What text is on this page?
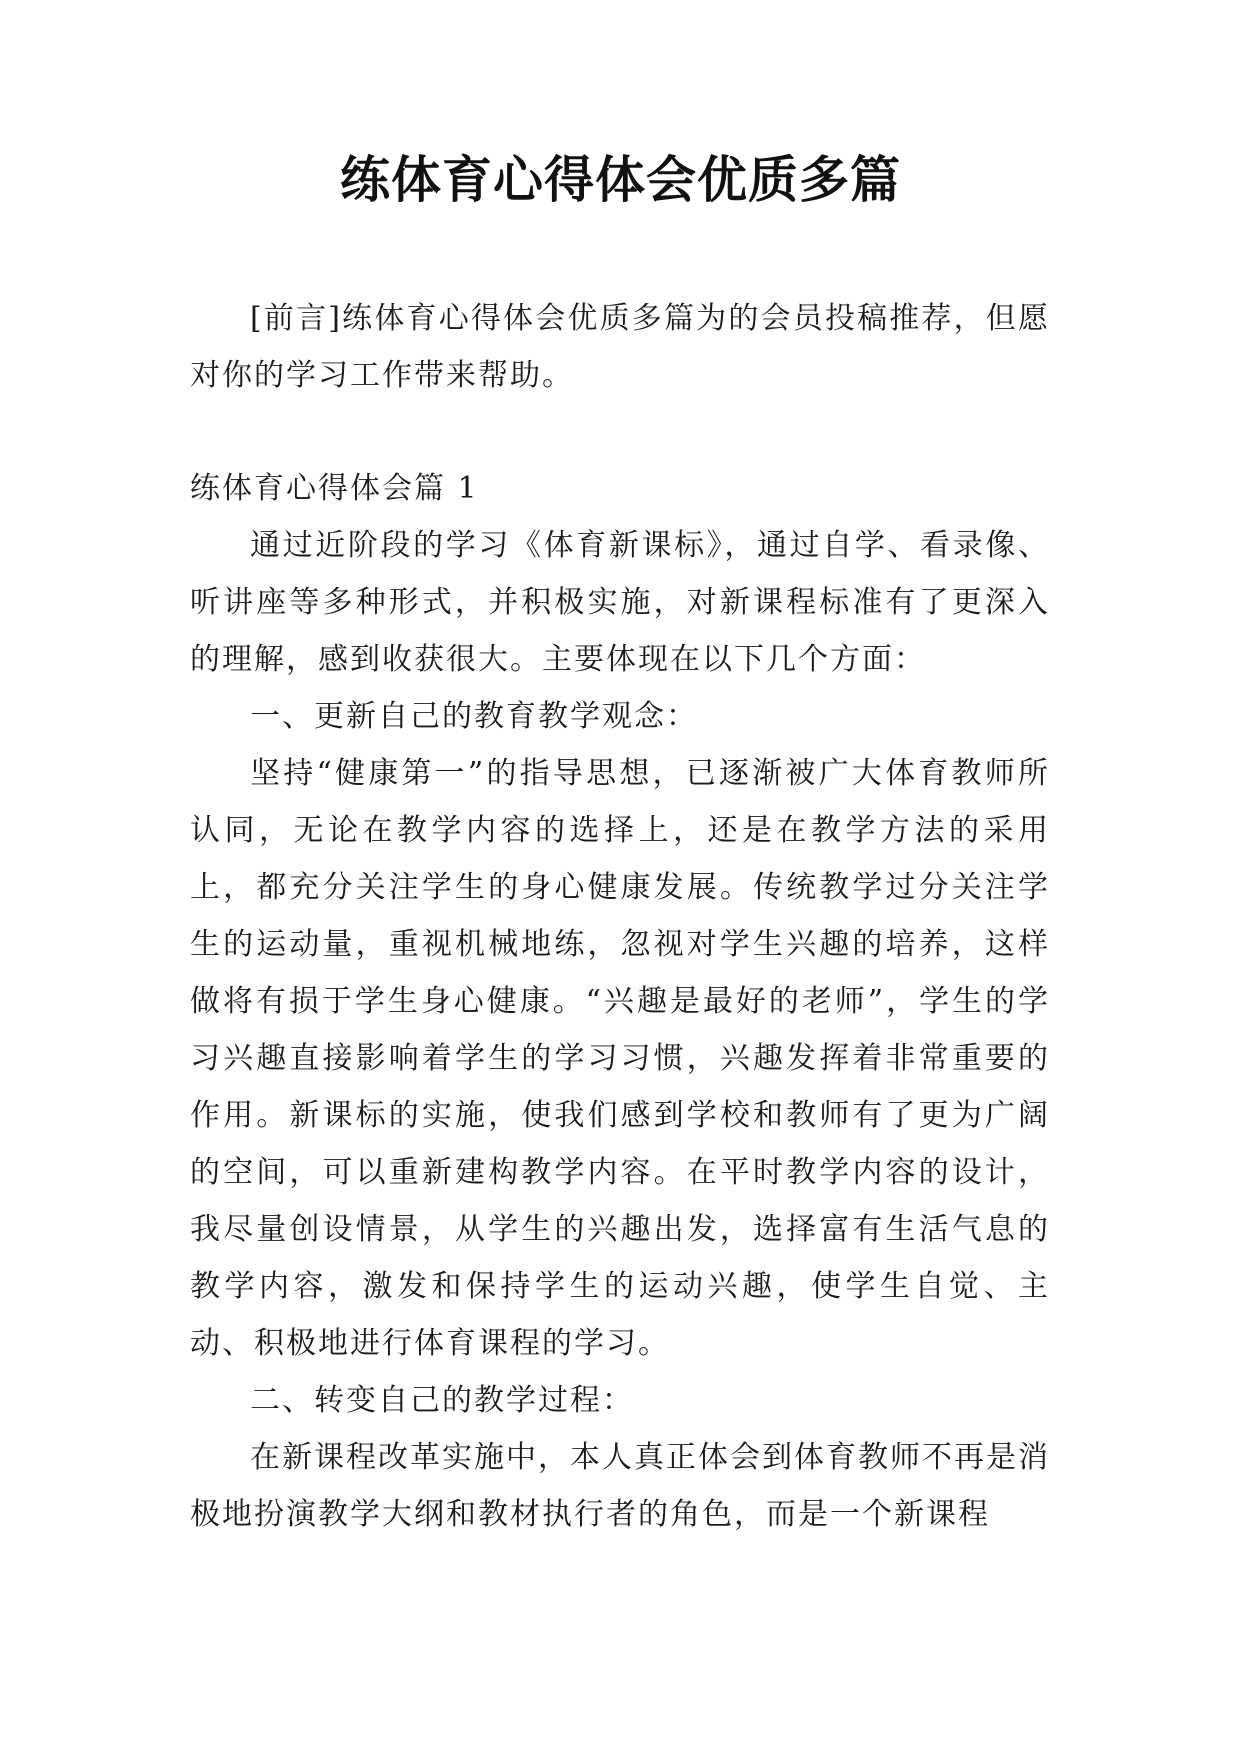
练体育心得体会优质多篇

[前言]练体育心得体会优质多篇为的会员投稿推荐，但愿对你的学习工作带来帮助。

练体育心得体会篇 1

通过近阶段的学习《体育新课标》，通过自学、看录像、听讲座等多种形式，并积极实施，对新课程标准有了更深入的理解，感到收获很大。主要体现在以下几个方面：

一、更新自己的教育教学观念：

坚持“健康第一”的指导思想，已逐渐被广大体育教师所认同，无论在教学内容的选择上，还是在教学方法的采用上，都充分关注学生的身心健康发展。传统教学过分关注学生的运动量，重视机械地练，忽视对学生兴趣的培养，这样做将有损于学生身心健康。“兴趣是最好的老师”，学生的学习兴趣直接影响着学生的学习习惯，兴趣发挥着非常重要的作用。新课标的实施，使我们感到学校和教师有了更为广阔的空间，可以重新建构教学内容。在平时教学内容的设计，我尽量创设情景，从学生的兴趣出发，选择富有生活气息的教学内容，激发和保持学生的运动兴趣，使学生自觉、主动、积极地进行体育课程的学习。

二、转变自己的教学过程：

在新课程改革实施中，本人真正体会到体育教师不再是消极地扮演教学大纲和教材执行者的角色，而是一个新课程
